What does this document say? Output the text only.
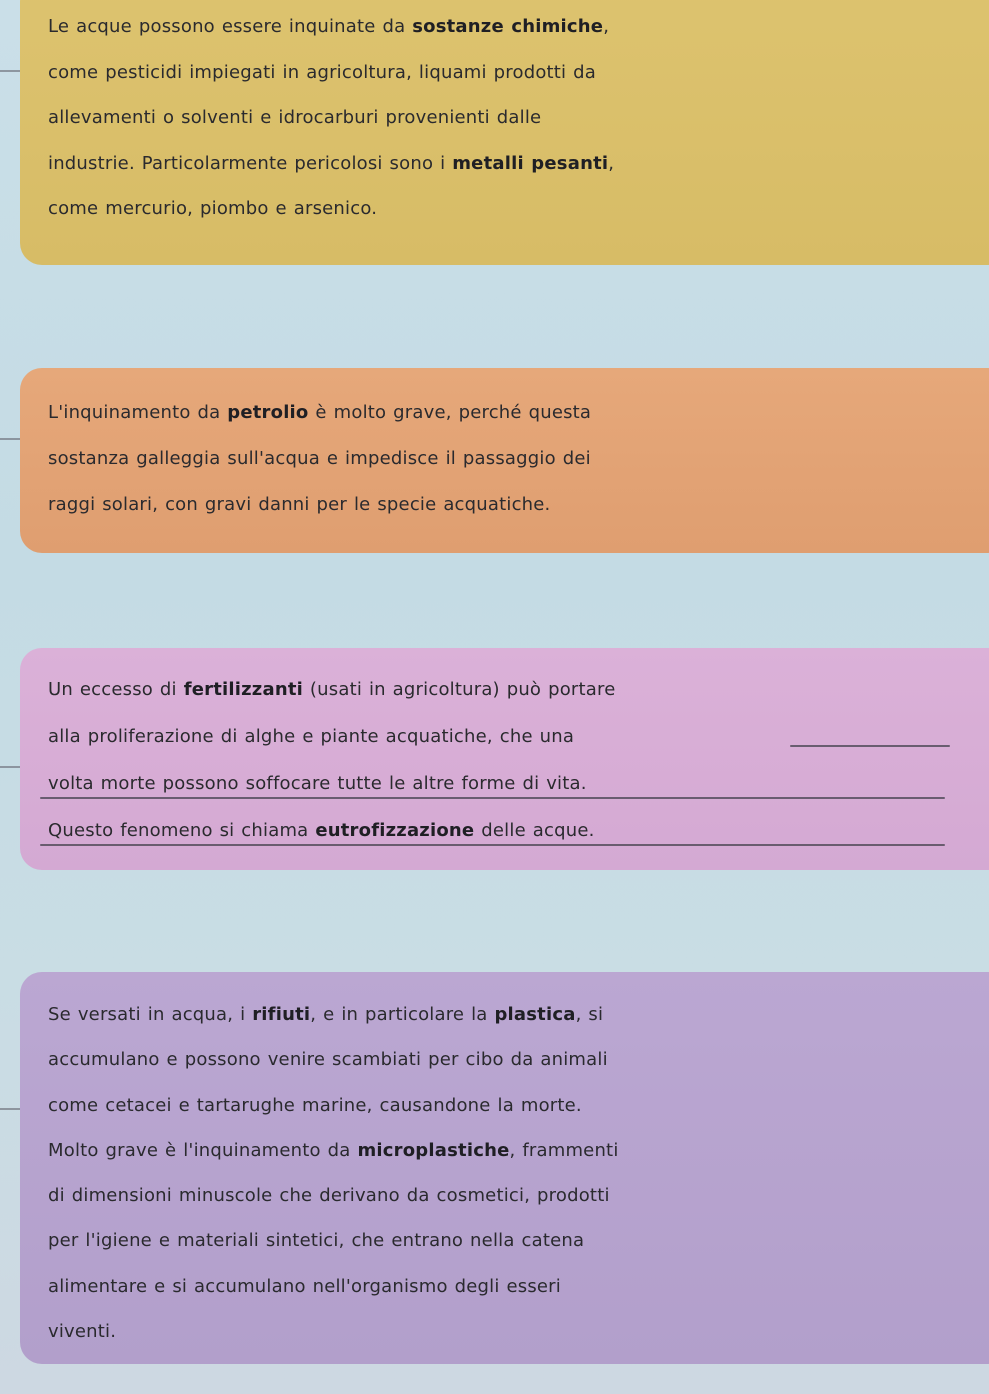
Le acque possono essere inquinate da sostanze chimiche,

come pesticidi impiegati in agricoltura, liquami prodotti da

allevamenti o solventi e idrocarburi provenienti dalle

industrie. Particolarmente pericolosi sono i metalli pesanti,

come mercurio, piombo e arsenico.

L'inquinamento da petrolio è molto grave, perché questa

sostanza galleggia sull'acqua e impedisce il passaggio dei

raggi solari, con gravi danni per le specie acquatiche.

Un eccesso di fertilizzanti (usati in agricoltura) può portare

alla proliferazione di alghe e piante acquatiche, che una

volta morte possono soffocare tutte le altre forme di vita.

Questo fenomeno si chiama eutrofizzazione delle acque.

Se versati in acqua, i rifiuti, e in particolare la plastica, si

accumulano e possono venire scambiati per cibo da animali

come cetacei e tartarughe marine, causandone la morte.

Molto grave è l'inquinamento da microplastiche, frammenti

di dimensioni minuscole che derivano da cosmetici, prodotti

per l'igiene e materiali sintetici, che entrano nella catena

alimentare e si accumulano nell'organismo degli esseri

viventi.
